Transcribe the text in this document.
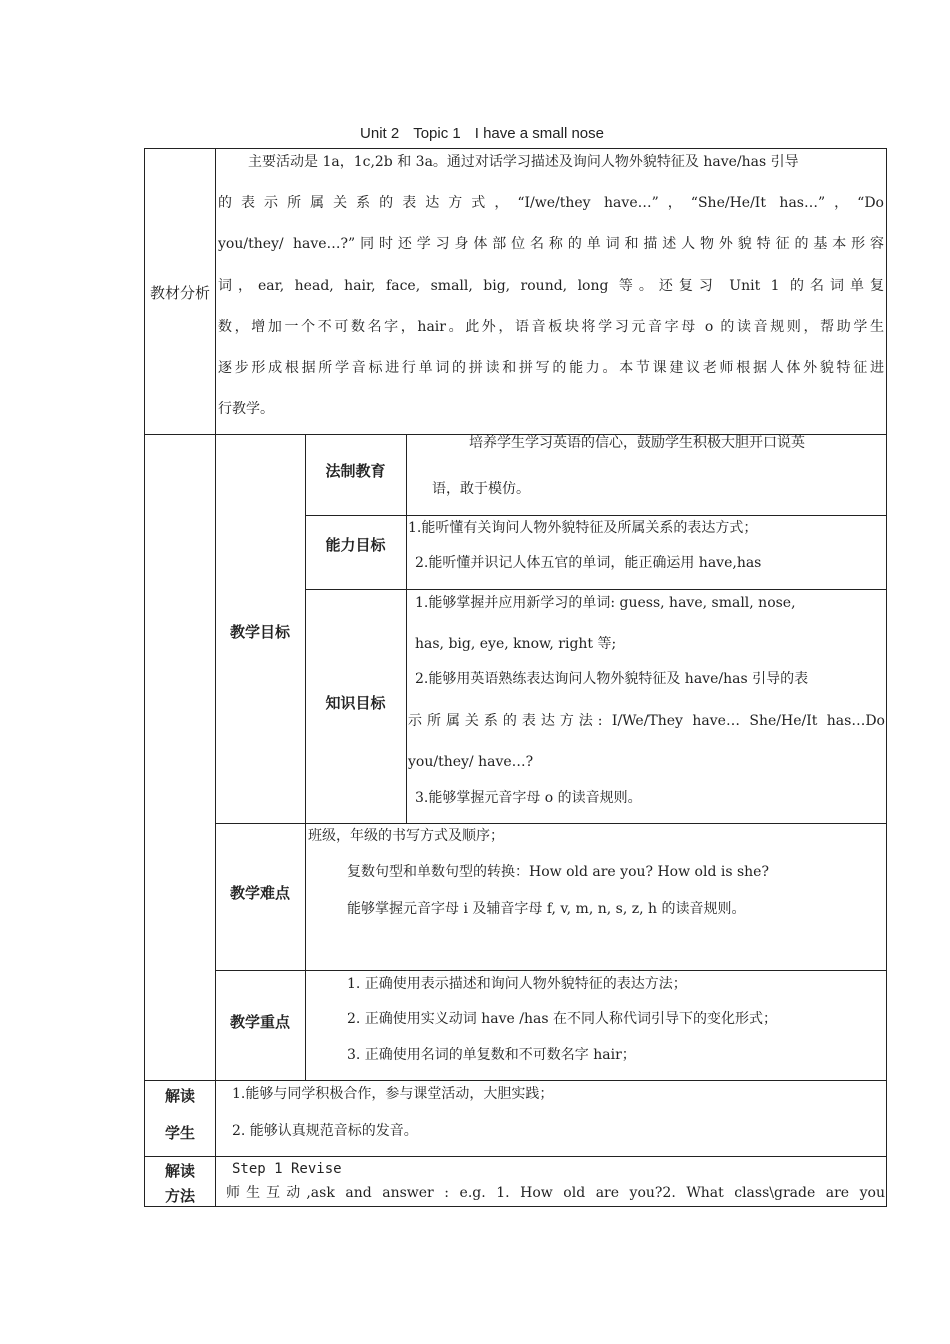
Unit 2 Topic 1 I have a small nose
教材分析
主要活动是 1a，1c,2b 和 3a。通过对话学习描述及询问人物外貌特征及 have/has 引导
的表示所属关系的表达方式，“I/we/they have…”，“She/He/It has…”，“Do
you/they/ have…?”同时还学习身体部位名称的单词和描述人物外貌特征的基本形容
词，ear, head, hair, face, small, big, round, long 等。还复习 Unit 1 的名词单复
数，增加一个不可数名字，hair。此外，语音板块将学习元音字母 o 的读音规则，帮助学生
逐步形成根据所学音标进行单词的拼读和拼写的能力。本节课建议老师根据人体外貌特征进
行教学。
教学目标
法制教育
培养学生学习英语的信心，鼓励学生积极大胆开口说英
语，敢于模仿。
能力目标
1.能听懂有关询问人物外貌特征及所属关系的表达方式；
2.能听懂并识记人体五官的单词，能正确运用 have,has
知识目标
1.能够掌握并应用新学习的单词: guess, have, small, nose,
has, big, eye, know, right 等;
2.能够用英语熟练表达询问人物外貌特征及 have/has 引导的表
示所属关系的表达方法: I/We/They have… She/He/It has…Do
you/they/ have…?
3.能够掌握元音字母 o 的读音规则。
教学难点
班级，年级的书写方式及顺序；
复数句型和单数句型的转换：How old are you? How old is she?
能够掌握元音字母 i 及辅音字母 f, v, m, n, s, z, h 的读音规则。
教学重点
1. 正确使用表示描述和询问人物外貌特征的表达方法；
2. 正确使用实义动词 have /has 在不同人称代词引导下的变化形式；
3. 正确使用名词的单复数和不可数名字 hair；
解读
学生
1.能够与同学积极合作，参与课堂活动，大胆实践；
2. 能够认真规范音标的发音。
解读
方法
Step 1 Revise
师生互动,ask and answer : e.g. 1. How old are you?2. What class\grade are you
